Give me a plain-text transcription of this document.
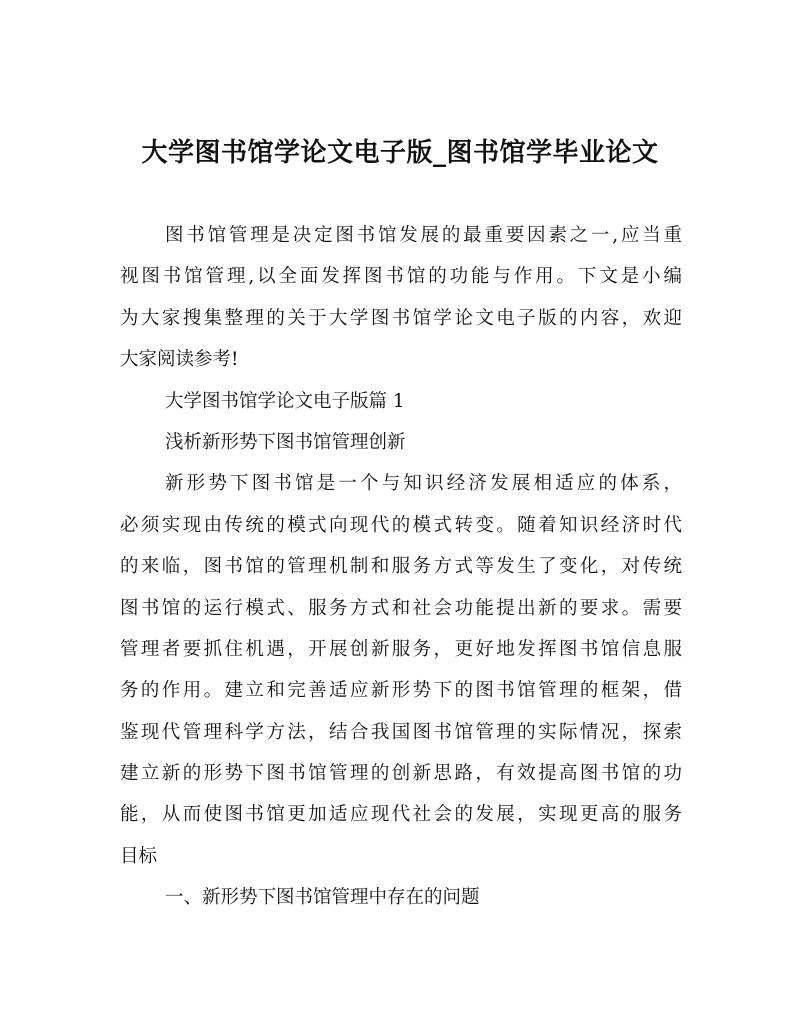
大学图书馆学论文电子版_图书馆学毕业论文
图书馆管理是决定图书馆发展的最重要因素之一,应当重
视图书馆管理,以全面发挥图书馆的功能与作用。下文是小编
为大家搜集整理的关于大学图书馆学论文电子版的内容，欢迎
大家阅读参考!
大学图书馆学论文电子版篇 1
浅析新形势下图书馆管理创新
新形势下图书馆是一个与知识经济发展相适应的体系，
必须实现由传统的模式向现代的模式转变。随着知识经济时代
的来临，图书馆的管理机制和服务方式等发生了变化，对传统
图书馆的运行模式、服务方式和社会功能提出新的要求。需要
管理者要抓住机遇，开展创新服务，更好地发挥图书馆信息服
务的作用。建立和完善适应新形势下的图书馆管理的框架，借
鉴现代管理科学方法，结合我国图书馆管理的实际情况，探索
建立新的形势下图书馆管理的创新思路，有效提高图书馆的功
能，从而使图书馆更加适应现代社会的发展，实现更高的服务
目标
一、新形势下图书馆管理中存在的问题
